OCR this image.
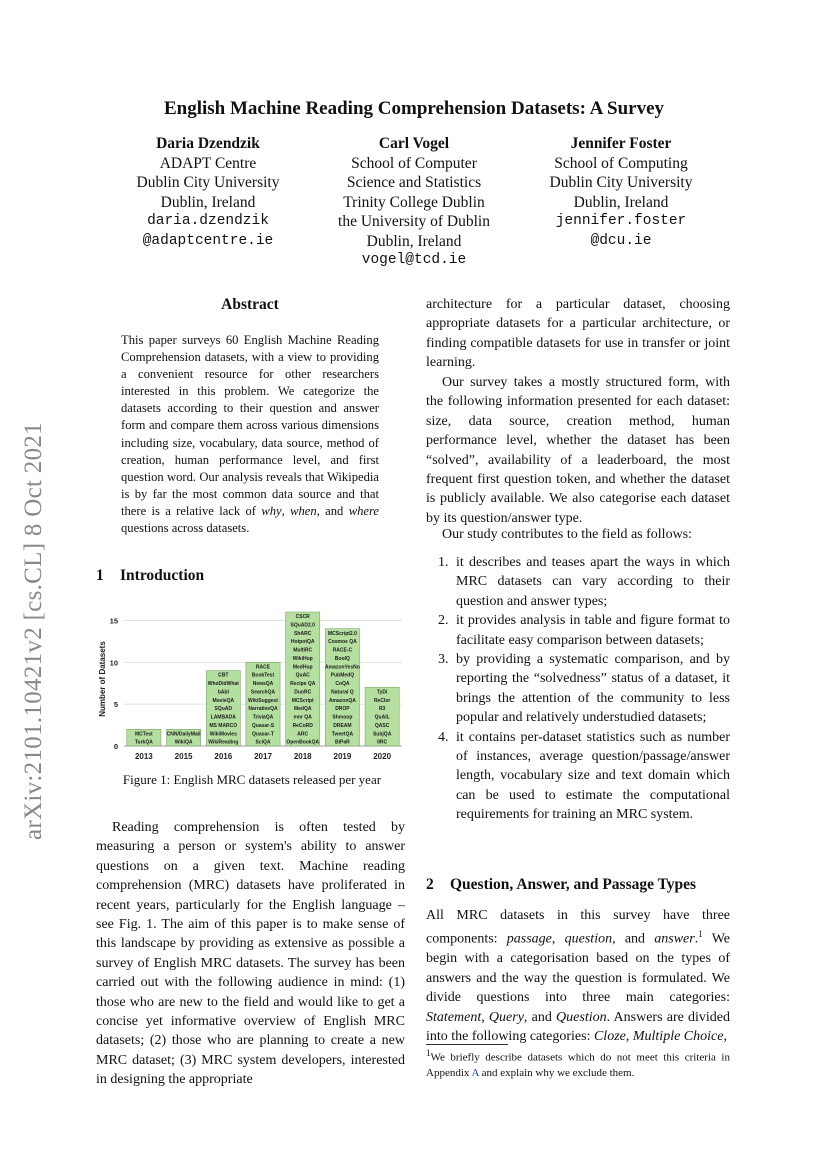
arXiv:2101.10421v2 [cs.CL] 8 Oct 2021
English Machine Reading Comprehension Datasets: A Survey
Daria Dzendzik
ADAPT Centre
Dublin City University
Dublin, Ireland
daria.dzendzik
@adaptcentre.ie
Carl Vogel
School of Computer
Science and Statistics
Trinity College Dublin
the University of Dublin
Dublin, Ireland
vogel@tcd.ie
Jennifer Foster
School of Computing
Dublin City University
Dublin, Ireland
jennifer.foster
@dcu.ie
Abstract
This paper surveys 60 English Machine Reading Comprehension datasets, with a view to providing a convenient resource for other researchers interested in this problem. We categorize the datasets according to their question and answer form and compare them across various dimensions including size, vocabulary, data source, method of creation, human performance level, and first question word. Our analysis reveals that Wikipedia is by far the most common data source and that there is a relative lack of why, when, and where questions across datasets.
1 Introduction
0
5
10
15
Number of Datasets
MCTest
TurkQA
2013
CNN/DailyMail
WikiQA
2015
CBT
WhoDidWhat
bAbI
MovieQA
SQuAD
LAMBADA
MS MARCO
WikiMovies
WikiReading
2016
RACE
BookTest
NewsQA
SearchQA
WikiSuggest
NarrativeQA
TriviaQA
Quasar-S
Quasar-T
SciQA
2017
CSCR
SQuAD2.0
ShARC
HotpotQA
MultiRC
WikiHop
MedHop
QuAC
Recipe QA
DuoRC
MCScript
MedQA
emr QA
ReCoRD
ARC
OpenBookQA
2018
MCScript2.0
Cosmos QA
RACE-C
BoolQ
AmazonYesNo
PubMedQ
CoQA
Natural Q
AmazonQA
DROP
Shmoop
DREAM
TweetQA
BiPaR
2019
TyDi
ReClor
R3
QuAIL
QASC
SubjQA
IIRC
2020
Figure 1: English MRC datasets released per year
Reading comprehension is often tested by measuring a person or system's ability to answer questions on a given text. Machine reading comprehension (MRC) datasets have proliferated in recent years, particularly for the English language – see Fig. 1. The aim of this paper is to make sense of this landscape by providing as extensive as possible a survey of English MRC datasets. The survey has been carried out with the following audience in mind: (1) those who are new to the field and would like to get a concise yet informative overview of English MRC datasets; (2) those who are planning to create a new MRC dataset; (3) MRC system developers, interested in designing the appropriate
architecture for a particular dataset, choosing appropriate datasets for a particular architecture, or finding compatible datasets for use in transfer or joint learning.
Our survey takes a mostly structured form, with the following information presented for each dataset: size, data source, creation method, human performance level, whether the dataset has been “solved”, availability of a leaderboard, the most frequent first question token, and whether the dataset is publicly available. We also categorise each dataset by its question/answer type.
Our study contributes to the field as follows:
1. it describes and teases apart the ways in which MRC datasets can vary according to their question and answer types;
2. it provides analysis in table and figure format to facilitate easy comparison between datasets;
3. by providing a systematic comparison, and by reporting the “solvedness” status of a dataset, it brings the attention of the community to less popular and relatively understudied datasets;
4. it contains per-dataset statistics such as number of instances, average question/passage/answer length, vocabulary size and text domain which can be used to estimate the computational requirements for training an MRC system.
2 Question, Answer, and Passage Types
All MRC datasets in this survey have three components: passage, question, and answer.$^1$ We begin with a categorisation based on the types of answers and the way the question is formulated. We divide questions into three main categories: Statement, Query, and Question. Answers are divided into the following categories: Cloze, Multiple Choice,
$^1$We briefly describe datasets which do not meet this criteria in Appendix A and explain why we exclude them.
